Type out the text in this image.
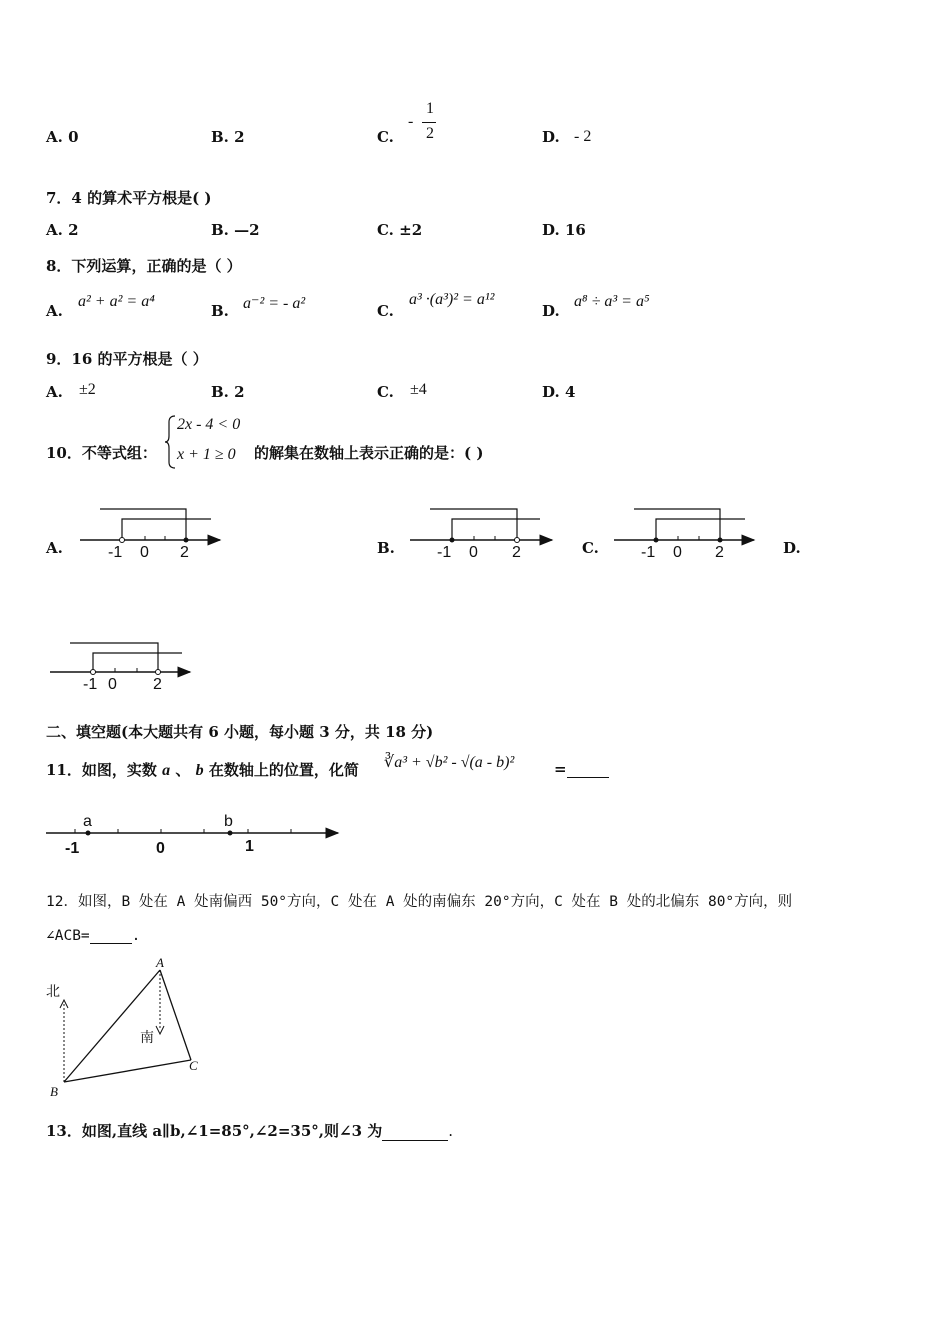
A. 0	B. 2	C.
-
1
2	D. - 2
7．4 的算术平方根是( )
A. 2	B. —2	C. ±2	D. 16
8．下列运算，正确的是（ ）
A.
a² + a² = a⁴
B. a⁻² = - a²	C.
a³ ·(a³)² = a¹²
D.
a⁸ ÷ a³ = a⁵
9．16 的平方根是（ ）
A. ±2	B. 2	C. ±4	D. 4
10．不等式组：
2x - 4 < 0
x + 1 ≥ 0 的解集在数轴上表示正确的是：( )
A.	B.	C.	D.
-1 0 2	-1 0 2	-1 0 2
-1 0 2
二、填空题(本大题共有 6 小题，每小题 3 分，共 18 分)
11．如图，实数 a 、 b 在数轴上的位置，化简 ∛a³ + √b² - √(a - b)²	=
a	b
-1	0	1
12．如图，B 处在 A 处南偏西 50°方向，C 处在 A 处的南偏东 20°方向，C 处在 B 处的北偏东 80°方向，则
∠ACB=	.
北
南
A
B
C
13．如图,直线 a∥b,∠1=85°,∠2=35°,则∠3 为	.
